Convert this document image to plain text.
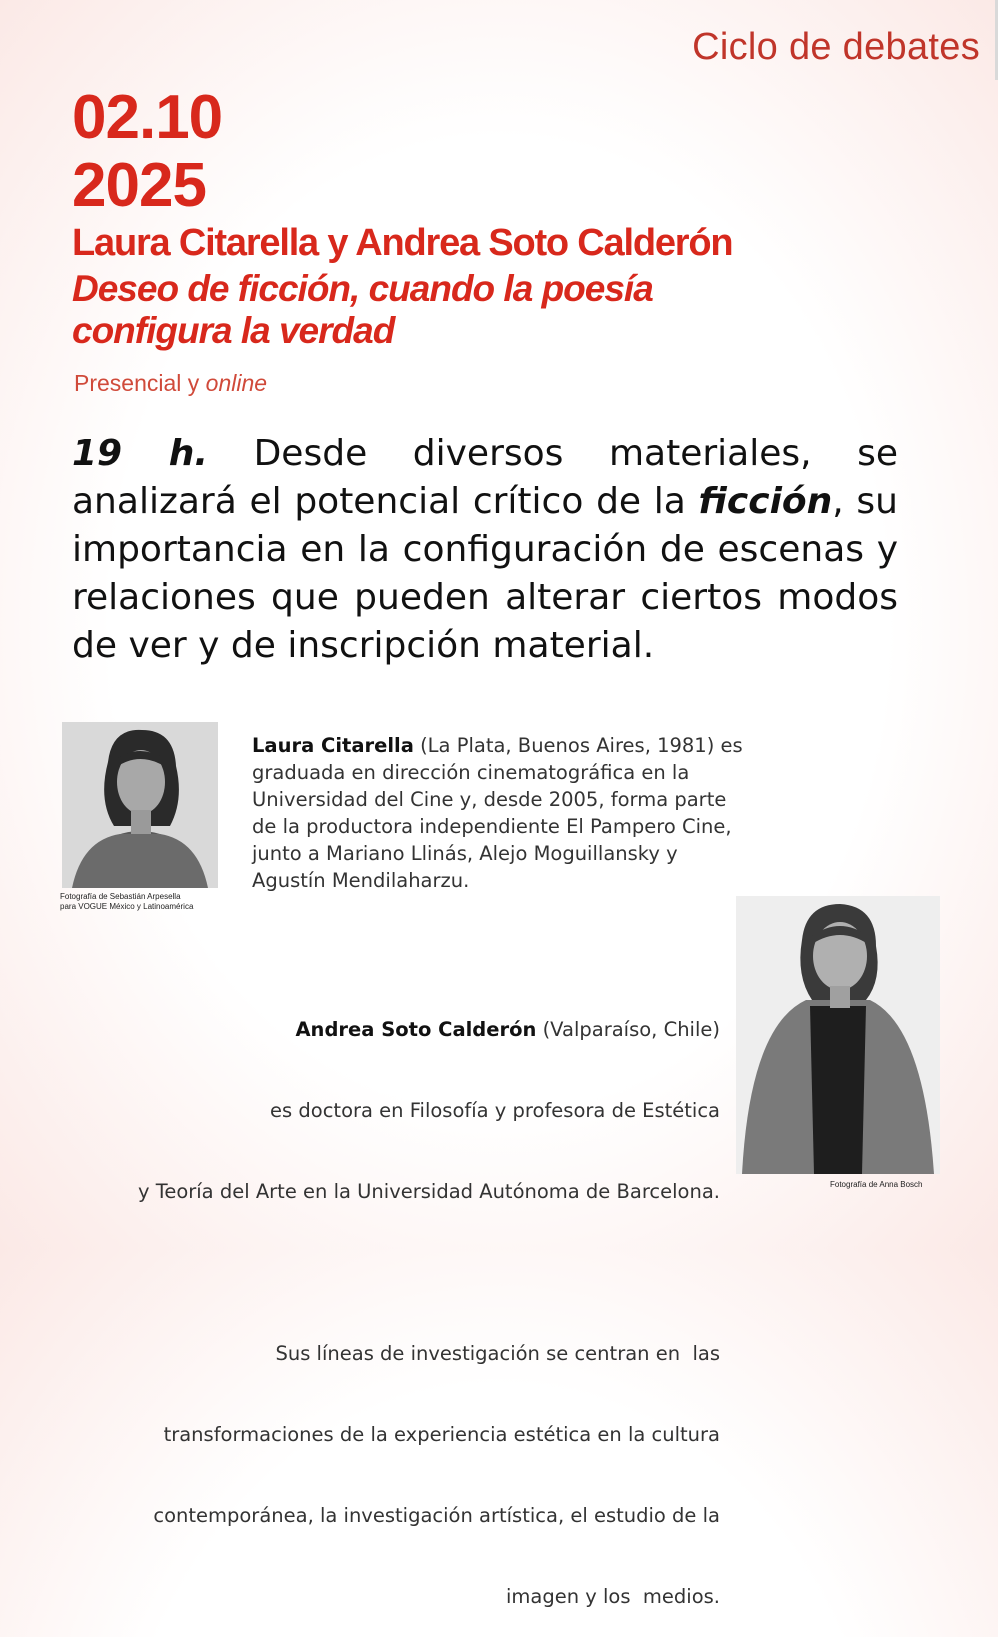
Ciclo de debates
02.10
2025
Laura Citarella y Andrea Soto Calderón
Deseo de ficción, cuando la poesía
configura la verdad
Presencial y online
19 h. Desde diversos materiales, se analizará el potencial crítico de la ficción, su importancia en la configuración de escenas y relaciones que pueden alterar ciertos modos de ver y de inscripción material.
Fotografía de Sebastián Arpesella
para VOGUE México y Latinoamérica
Laura Citarella (La Plata, Buenos Aires, 1981) es
graduada en dirección cinematográfica en la
Universidad del Cine y, desde 2005, forma parte
de la productora independiente El Pampero Cine,
junto a Mariano Llinás, Alejo Moguillansky y
Agustín Mendilaharzu.

Andrea Soto Calderón (Valparaíso, Chile)

es doctora en Filosofía y profesora de Estética

y Teoría del Arte en la Universidad Autónoma de Barcelona.

Sus líneas de investigación se centran en  las

transformaciones de la experiencia estética en la cultura

contemporánea, la investigación artística, el estudio de la

imagen y los  medios.

Fotografía de Anna Bosch
